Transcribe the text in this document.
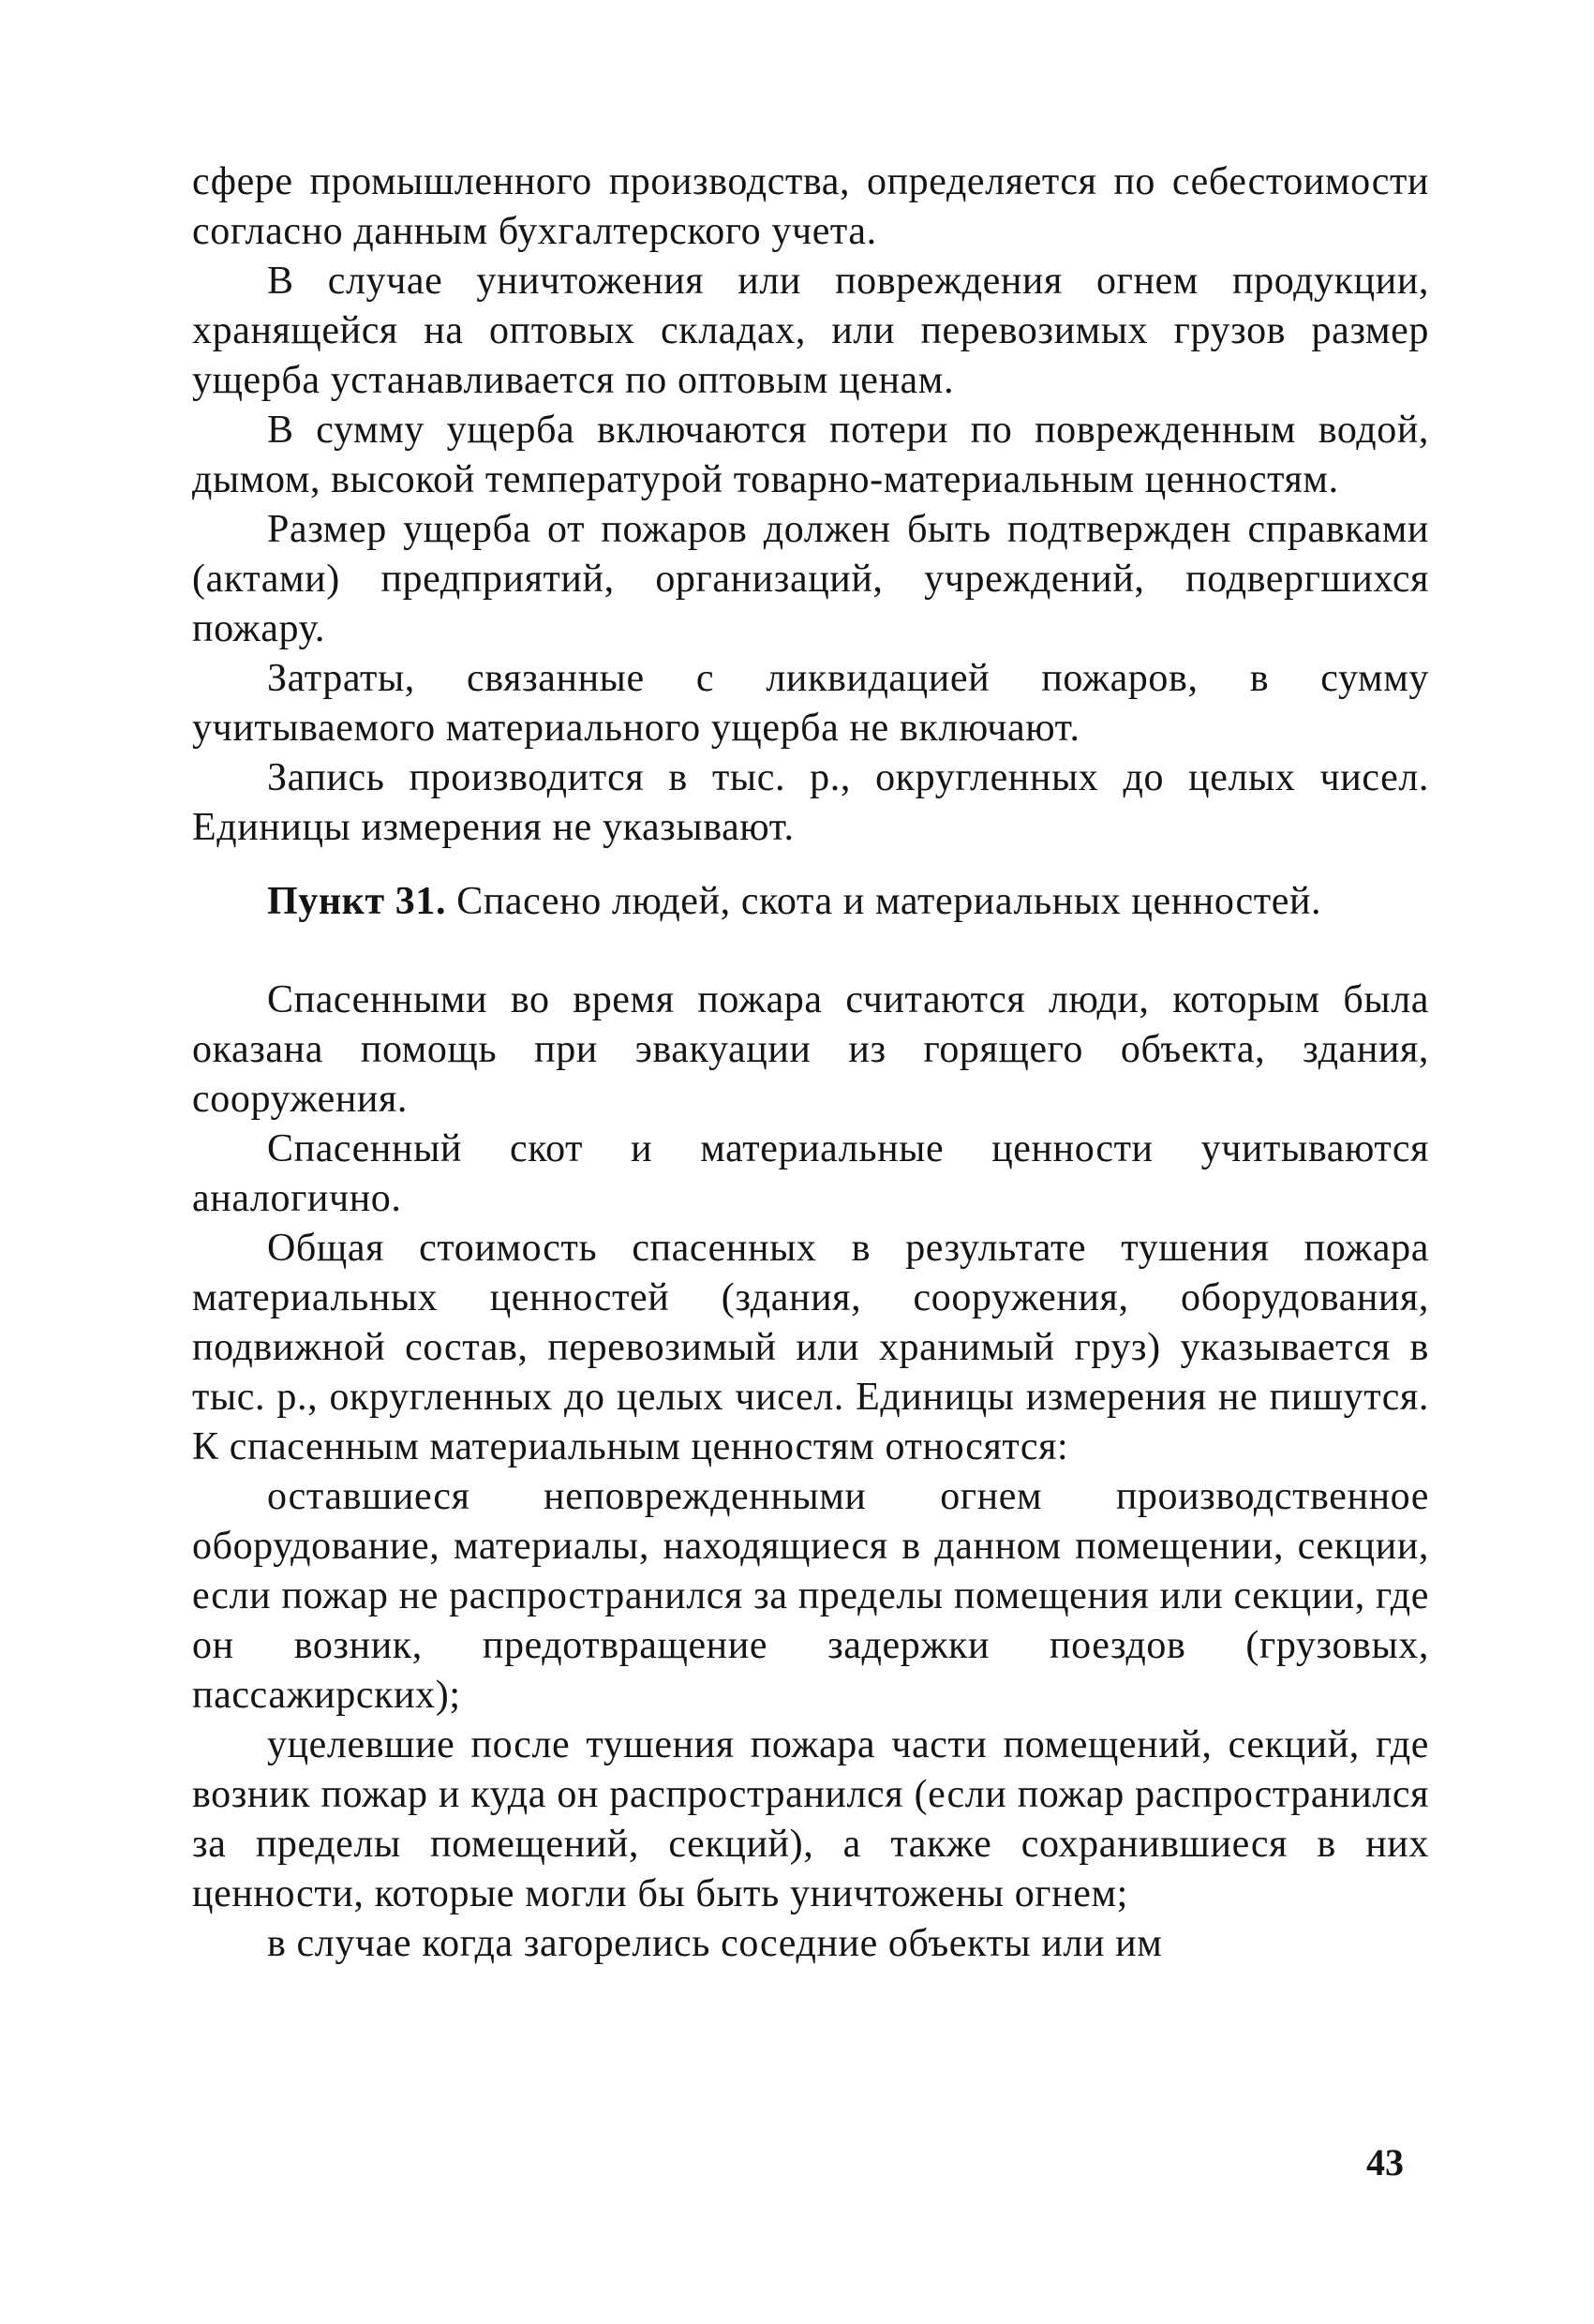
сфере промышленного производства, определяется по себестоимости согласно данным бухгалтерского учета.

В случае уничтожения или повреждения огнем продукции, хранящейся на оптовых складах, или перевозимых грузов размер ущерба устанавливается по оптовым ценам.

В сумму ущерба включаются потери по поврежденным водой, дымом, высокой температурой товарно-материальным ценностям.

Размер ущерба от пожаров должен быть подтвержден справками (актами) предприятий, организаций, учреждений, подвергшихся пожару.

Затраты, связанные с ликвидацией пожаров, в сумму учитываемого материального ущерба не включают.

Запись производится в тыс. р., округленных до целых чисел. Единицы измерения не указывают.

Пункт 31. Спасено людей, скота и материальных ценностей.

Спасенными во время пожара считаются люди, которым была оказана помощь при эвакуации из горящего объекта, здания, сооружения.

Спасенный скот и материальные ценности учитываются аналогично.

Общая стоимость спасенных в результате тушения пожара материальных ценностей (здания, сооружения, оборудования, подвижной состав, перевозимый или хранимый груз) указывается в тыс. р., округленных до целых чисел. Единицы измерения не пишутся. К спасенным материальным ценностям относятся:

оставшиеся неповрежденными огнем производственное оборудование, материалы, находящиеся в данном помещении, секции, если пожар не распространился за пределы помещения или секции, где он возник, предотвращение задержки поездов (грузовых, пассажирских);

уцелевшие после тушения пожара части помещений, секций, где возник пожар и куда он распространился (если пожар распространился за пределы помещений, секций), а также сохранившиеся в них ценности, которые могли бы быть уничтожены огнем;

в случае когда загорелись соседние объекты или им

43
